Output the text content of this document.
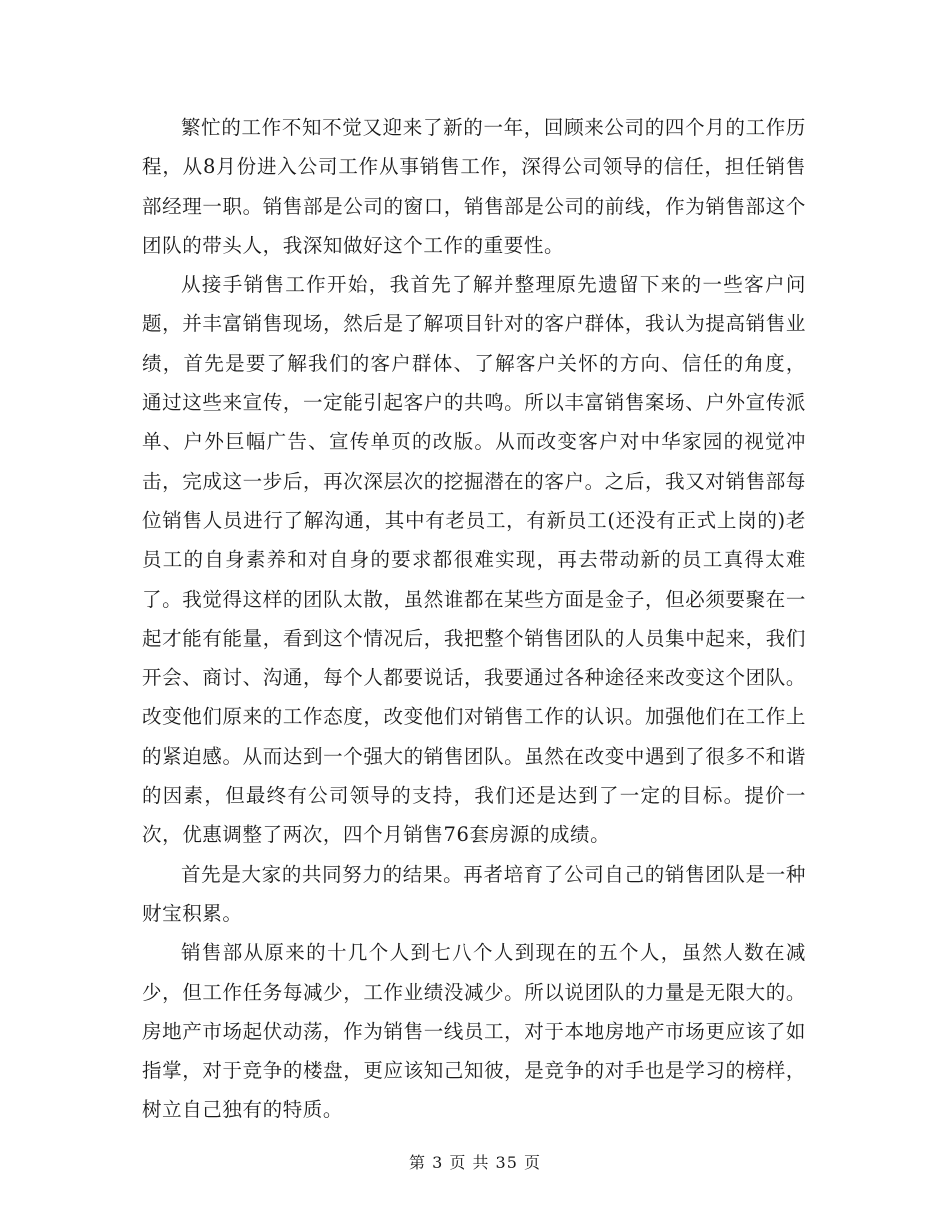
繁忙的工作不知不觉又迎来了新的一年，回顾来公司的四个月的工作历程，从8月份进入公司工作从事销售工作，深得公司领导的信任，担任销售部经理一职。销售部是公司的窗口，销售部是公司的前线，作为销售部这个团队的带头人，我深知做好这个工作的重要性。

从接手销售工作开始，我首先了解并整理原先遗留下来的一些客户问题，并丰富销售现场，然后是了解项目针对的客户群体，我认为提高销售业绩，首先是要了解我们的客户群体、了解客户关怀的方向、信任的角度， 通过这些来宣传，一定能引起客户的共鸣。所以丰富销售案场、户外宣传派单、户外巨幅广告、宣传单页的改版。从而改变客户对中华家园的视觉冲击，完成这一步后，再次深层次的挖掘潜在的客户。之后，我又对销售部每位销售人员进行了解沟通，其中有老员工，有新员工(还没有正式上岗的)老员工的自身素养和对自身的要求都很难实现，再去带动新的员工真得太难了。我觉得这样的团队太散，虽然谁都在某些方面是金子，但必须要聚在一起才能有能量，看到这个情况后，我把整个销售团队的人员集中起来，我们开会、商讨、沟通，每个人都要说话，我要通过各种途径来改变这个团队。改变他们原来的工作态度，改变他们对销售工作的认识。加强他们在工作上的紧迫感。从而达到一个强大的销售团队。虽然在改变中遇到了很多不和谐的因素，但最终有公司领导的支持，我们还是达到了一定的目标。提价一次，优惠调整了两次，四个月销售76套房源的成绩。

首先是大家的共同努力的结果。再者培育了公司自己的销售团队是一种财宝积累。

销售部从原来的十几个人到七八个人到现在的五个人，虽然人数在减少，但工作任务每减少，工作业绩没减少。所以说团队的力量是无限大的。房地产市场起伏动荡，作为销售一线员工，对于本地房地产市场更应该了如指掌，对于竞争的楼盘，更应该知己知彼，是竞争的对手也是学习的榜样，树立自己独有的特质。

第 3 页 共 35 页
